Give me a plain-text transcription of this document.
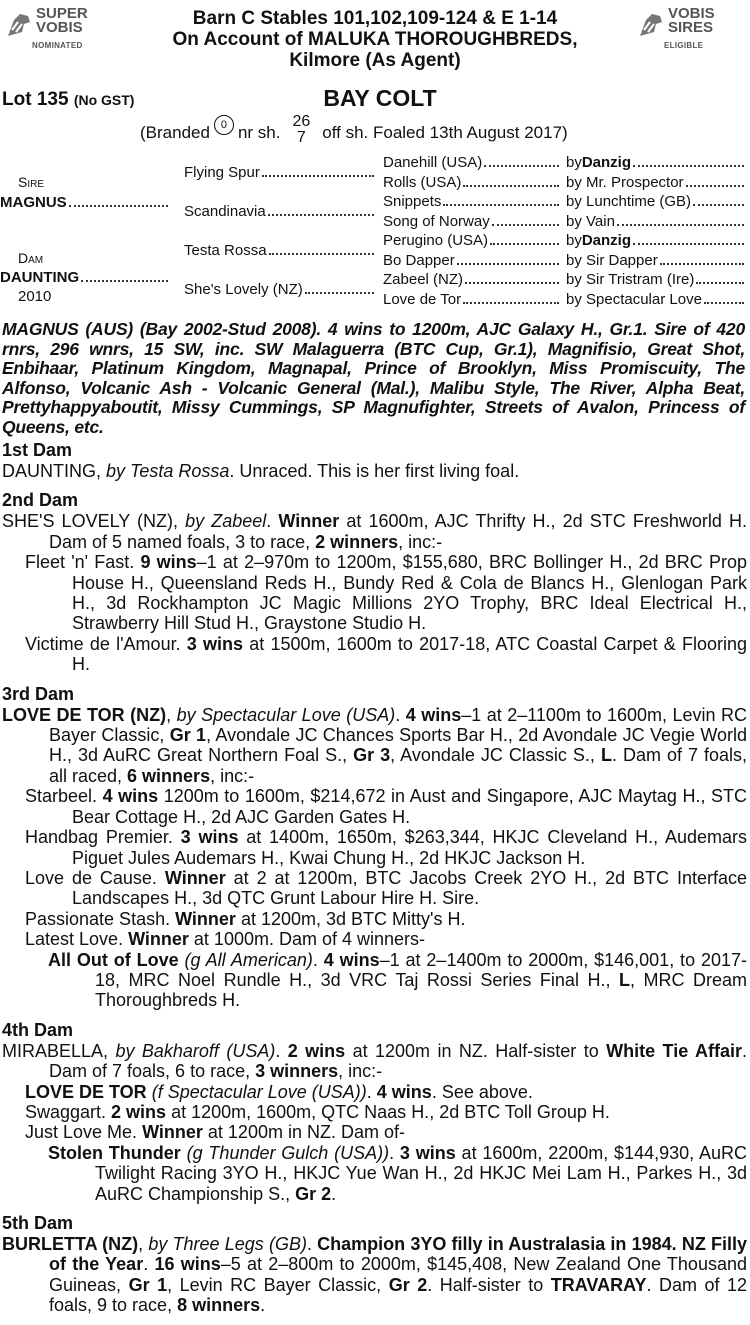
SUPER
VOBIS
NOMINATED
VOBIS
SIRES
ELIGIBLE
Barn C Stables 101,102,109-124 & E 1-14
On Account of MALUKA THOROUGHBREDS,
Kilmore (As Agent)
Lot 135 (No GST)	BAY COLT
(Branded 0 nr sh.
26
7 off sh. Foaled 13th August 2017)
Sire
MAGNUS
Dam
DAUNTING
2010
Flying Spur
Scandinavia
Testa Rossa
She's Lovely (NZ)
Danehill (USA)	by Danzig
Rolls (USA)	by Mr. Prospector
Snippets	by Lunchtime (GB)
Song of Norway	by Vain
Perugino (USA)	by Danzig
Bo Dapper	by Sir Dapper
Zabeel (NZ)	by Sir Tristram (Ire)
Love de Tor	by Spectacular Love
MAGNUS (AUS) (Bay 2002-Stud 2008). 4 wins to 1200m, AJC Galaxy H., Gr.1. Sire of 420 rnrs, 296 wnrs, 15 SW, inc. SW Malaguerra (BTC Cup, Gr.1), Magnifisio, Great Shot, Enbihaar, Platinum Kingdom, Magnapal, Prince of Brooklyn, Miss Promiscuity, The Alfonso, Volcanic Ash - Volcanic General (Mal.), Malibu Style, The River, Alpha Beat, Prettyhappyaboutit, Missy Cummings, SP Magnufighter, Streets of Avalon, Princess of Queens, etc.
1st Dam
DAUNTING, by Testa Rossa. Unraced. This is her first living foal.
2nd Dam
SHE'S LOVELY (NZ), by Zabeel. Winner at 1600m, AJC Thrifty H., 2d STC Freshworld H. Dam of 5 named foals, 3 to race, 2 winners, inc:-
Fleet 'n' Fast. 9 wins–1 at 2–970m to 1200m, $155,680, BRC Bollinger H., 2d BRC Prop House H., Queensland Reds H., Bundy Red & Cola de Blancs H., Glenlogan Park H., 3d Rockhampton JC Magic Millions 2YO Trophy, BRC Ideal Electrical H., Strawberry Hill Stud H., Graystone Studio H.
Victime de l'Amour. 3 wins at 1500m, 1600m to 2017-18, ATC Coastal Carpet & Flooring H.
3rd Dam
LOVE DE TOR (NZ), by Spectacular Love (USA). 4 wins–1 at 2–1100m to 1600m, Levin RC Bayer Classic, Gr 1, Avondale JC Chances Sports Bar H., 2d Avondale JC Vegie World H., 3d AuRC Great Northern Foal S., Gr 3, Avondale JC Classic S., L. Dam of 7 foals, all raced, 6 winners, inc:-
Starbeel. 4 wins 1200m to 1600m, $214,672 in Aust and Singapore, AJC Maytag H., STC Bear Cottage H., 2d AJC Garden Gates H.
Handbag Premier. 3 wins at 1400m, 1650m, $263,344, HKJC Cleveland H., Audemars Piguet Jules Audemars H., Kwai Chung H., 2d HKJC Jackson H.
Love de Cause. Winner at 2 at 1200m, BTC Jacobs Creek 2YO H., 2d BTC Interface Landscapes H., 3d QTC Grunt Labour Hire H. Sire.
Passionate Stash. Winner at 1200m, 3d BTC Mitty's H.
Latest Love. Winner at 1000m. Dam of 4 winners-
All Out of Love (g All American). 4 wins–1 at 2–1400m to 2000m, $146,001, to 2017-18, MRC Noel Rundle H., 3d VRC Taj Rossi Series Final H., L, MRC Dream Thoroughbreds H.
4th Dam
MIRABELLA, by Bakharoff (USA). 2 wins at 1200m in NZ. Half-sister to White Tie Affair. Dam of 7 foals, 6 to race, 3 winners, inc:-
LOVE DE TOR (f Spectacular Love (USA)). 4 wins. See above.
Swaggart. 2 wins at 1200m, 1600m, QTC Naas H., 2d BTC Toll Group H.
Just Love Me. Winner at 1200m in NZ. Dam of-
Stolen Thunder (g Thunder Gulch (USA)). 3 wins at 1600m, 2200m, $144,930, AuRC Twilight Racing 3YO H., HKJC Yue Wan H., 2d HKJC Mei Lam H., Parkes H., 3d AuRC Championship S., Gr 2.
5th Dam
BURLETTA (NZ), by Three Legs (GB). Champion 3YO filly in Australasia in 1984. NZ Filly of the Year. 16 wins–5 at 2–800m to 2000m, $145,408, New Zealand One Thousand Guineas, Gr 1, Levin RC Bayer Classic, Gr 2. Half-sister to TRAVARAY. Dam of 12 foals, 9 to race, 8 winners.
